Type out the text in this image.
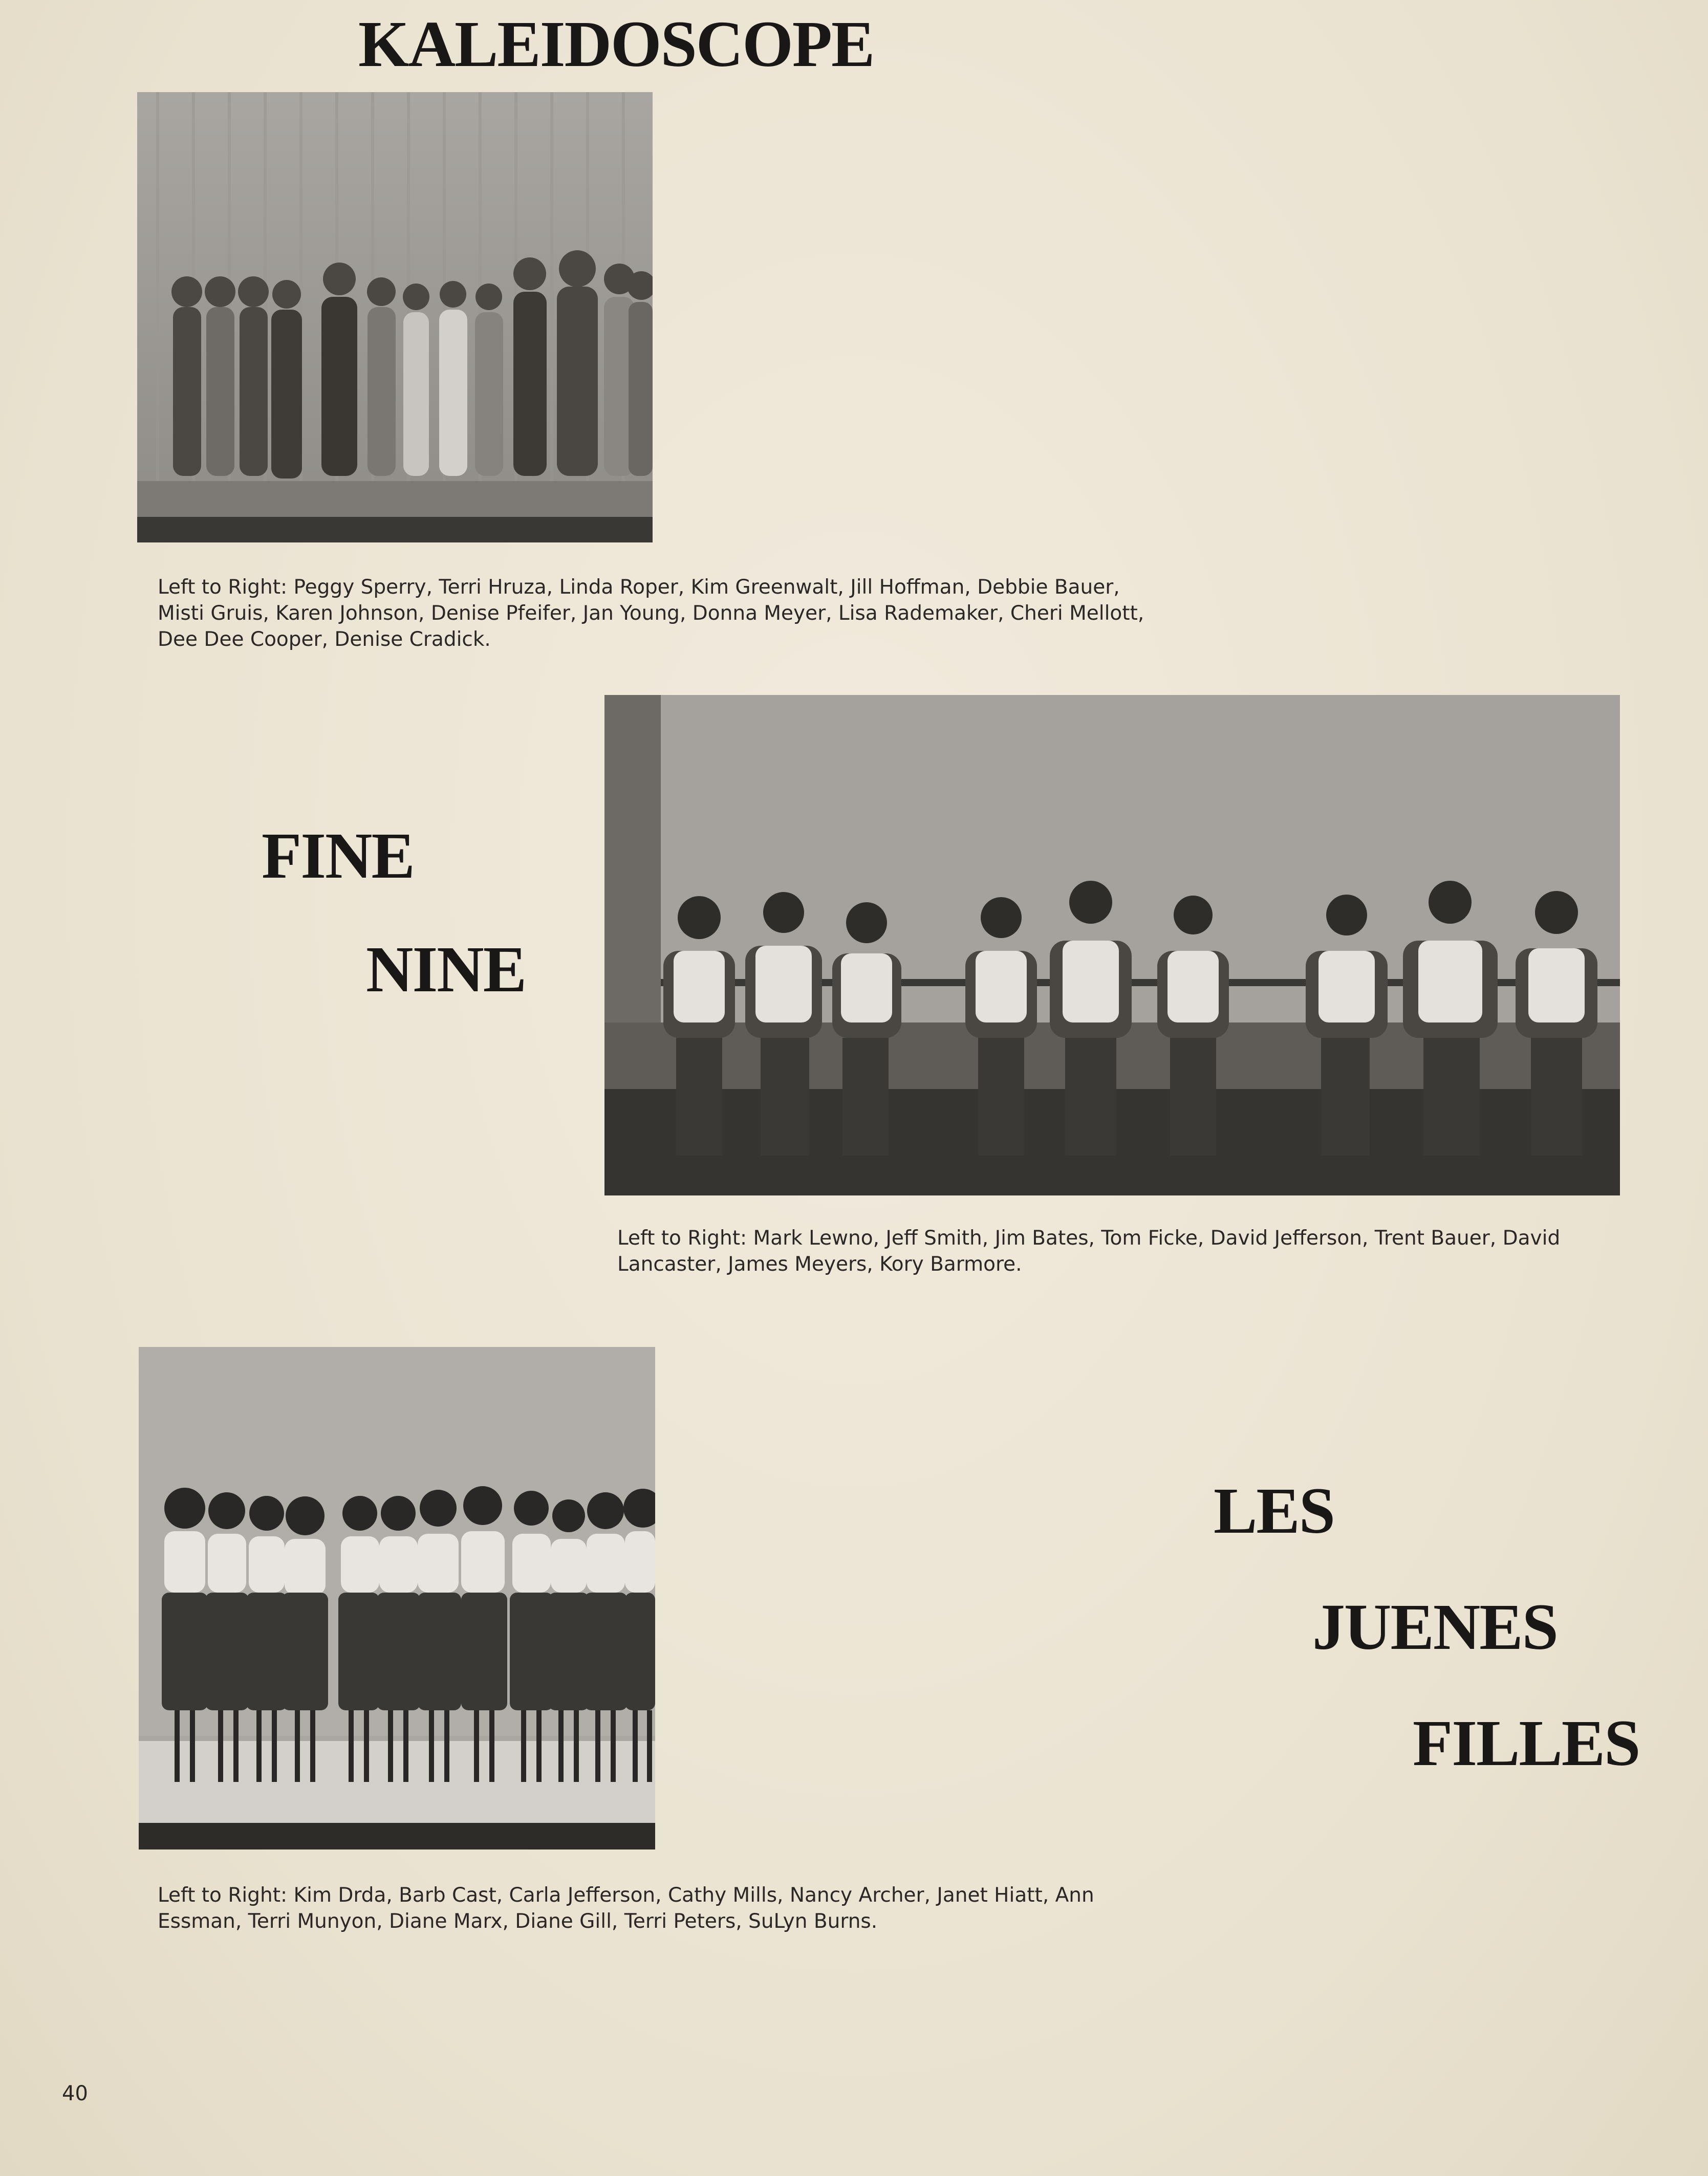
KALEIDOSCOPE
Left to Right: Peggy Sperry, Terri Hruza, Linda Roper, Kim Greenwalt, Jill Hoffman, Debbie Bauer, Misti Gruis, Karen Johnson, Denise Pfeifer, Jan Young, Donna Meyer, Lisa Rademaker, Cheri Mellott, Dee Dee Cooper, Denise Cradick.
FINE
NINE
Left to Right: Mark Lewno, Jeff Smith, Jim Bates, Tom Ficke, David Jefferson, Trent Bauer, David Lancaster, James Meyers, Kory Barmore.
LES
JUENES
FILLES
Left to Right: Kim Drda, Barb Cast, Carla Jefferson, Cathy Mills, Nancy Archer, Janet Hiatt, Ann Essman, Terri Munyon, Diane Marx, Diane Gill, Terri Peters, SuLyn Burns.
40
